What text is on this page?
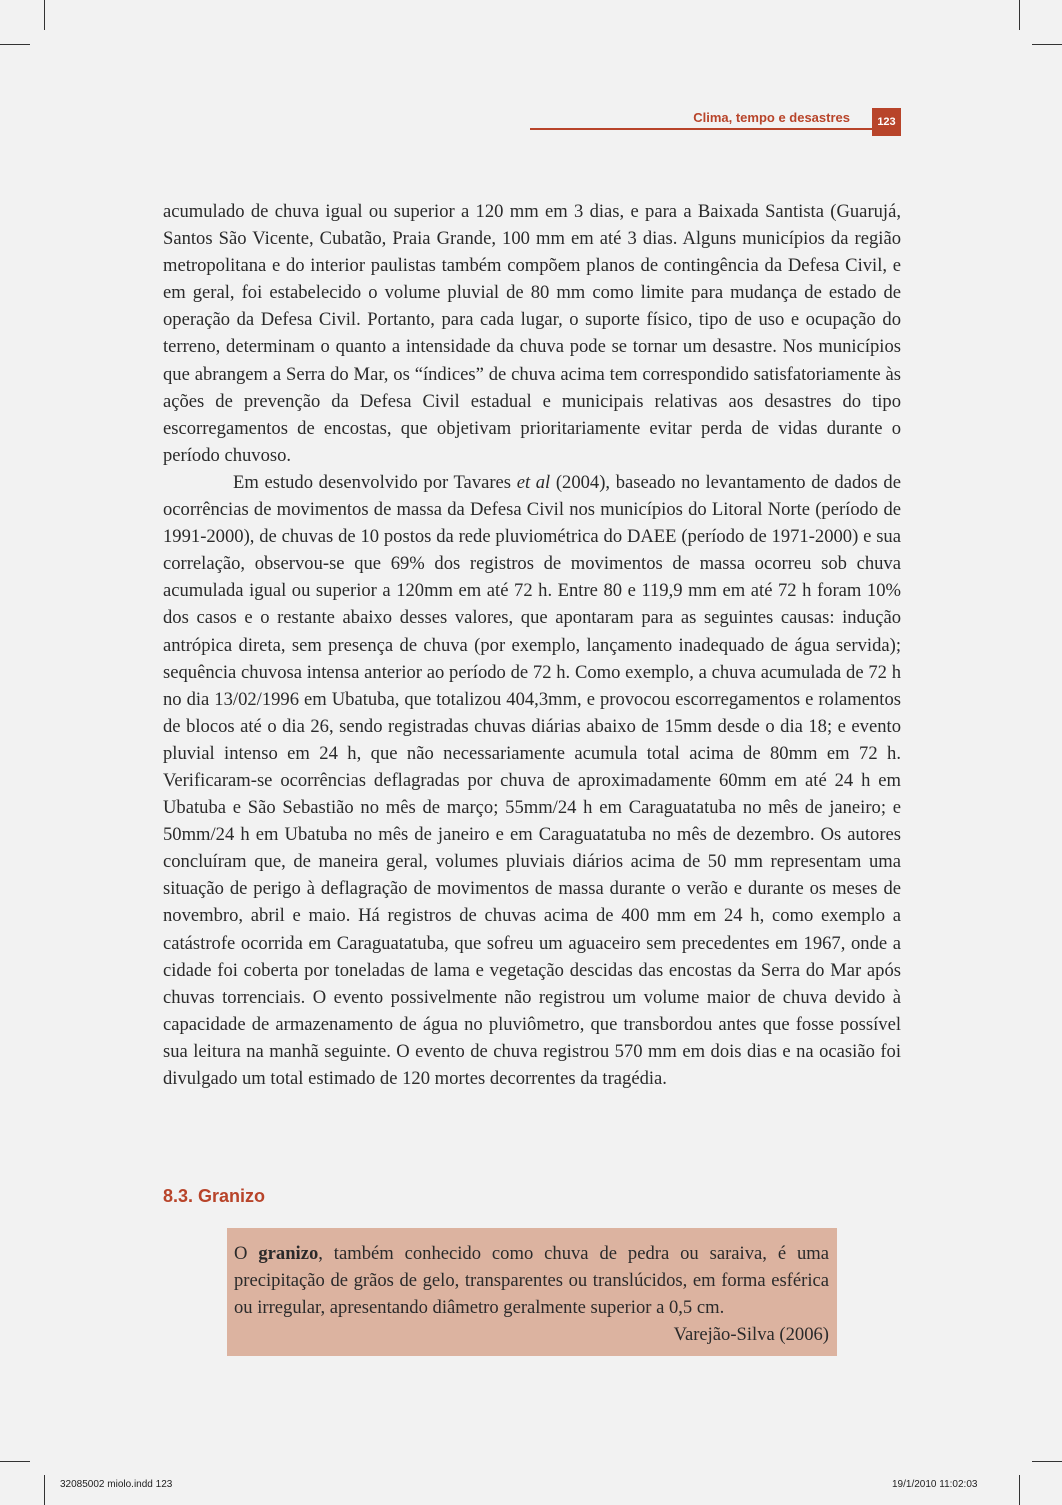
Clima, tempo e desastres	123

acumulado de chuva igual ou superior a 120 mm em 3 dias, e para a Baixada Santista (Guarujá, Santos São Vicente, Cubatão, Praia Grande, 100 mm em até 3 dias. Alguns municípios da região metropolitana e do interior paulistas também compõem planos de contingência da Defesa Civil, e em geral, foi estabelecido o volume pluvial de 80 mm como limite para mudança de estado de operação da Defesa Civil. Portanto, para cada lugar, o suporte físico, tipo de uso e ocupação do terreno, determinam o quanto a intensidade da chuva pode se tornar um desastre. Nos municípios que abrangem a Serra do Mar, os “índices” de chuva acima tem correspondido satisfatoriamente às ações de prevenção da Defesa Civil estadual e municipais relativas aos desastres do tipo escorregamentos de encostas, que objetivam prioritariamente evitar perda de vidas durante o período chuvoso.

Em estudo desenvolvido por Tavares et al (2004), baseado no levantamento de dados de ocorrências de movimentos de massa da Defesa Civil nos municípios do Litoral Norte (período de 1991-2000), de chuvas de 10 postos da rede pluviométrica do DAEE (período de 1971-2000) e sua correlação, observou-se que 69% dos registros de movimentos de massa ocorreu sob chuva acumulada igual ou superior a 120mm em até 72 h. Entre 80 e 119,9 mm em até 72 h foram 10% dos casos e o restante abaixo desses valores, que apontaram para as seguintes causas: indução antrópica direta, sem presença de chuva (por exemplo, lançamento inadequado de água servida); sequência chuvosa intensa anterior ao período de 72 h. Como exemplo, a chuva acumulada de 72 h no dia 13/02/1996 em Ubatuba, que totalizou 404,3mm, e provocou escorregamentos e rolamentos de blocos até o dia 26, sendo registradas chuvas diárias abaixo de 15mm desde o dia 18; e evento pluvial intenso em 24 h, que não necessariamente acumula total acima de 80mm em 72 h. Verificaram-se ocorrências deflagradas por chuva de aproximadamente 60mm em até 24 h em Ubatuba e São Sebastião no mês de março; 55mm/24 h em Caraguatatuba no mês de janeiro; e 50mm/24 h em Ubatuba no mês de janeiro e em Caraguatatuba no mês de dezembro. Os autores concluíram que, de maneira geral, volumes pluviais diários acima de 50 mm representam uma situação de perigo à deflagração de movimentos de massa durante o verão e durante os meses de novembro, abril e maio. Há registros de chuvas acima de 400 mm em 24 h, como exemplo a catástrofe ocorrida em Caraguatatuba, que sofreu um aguaceiro sem precedentes em 1967, onde a cidade foi coberta por toneladas de lama e vegetação descidas das encostas da Serra do Mar após chuvas torrenciais. O evento possivelmente não registrou um volume maior de chuva devido à capacidade de armazenamento de água no pluviômetro, que transbordou antes que fosse possível sua leitura na manhã seguinte. O evento de chuva registrou 570 mm em dois dias e na ocasião foi divulgado um total estimado de 120 mortes decorrentes da tragédia.

8.3. Granizo
O granizo, também conhecido como chuva de pedra ou saraiva, é uma precipitação de grãos de gelo, transparentes ou translúcidos, em forma esférica ou irregular, apresentando diâmetro geralmente superior a 0,5 cm.
Varejão-Silva (2006)
32085002 miolo.indd 123	19/1/2010 11:02:03
